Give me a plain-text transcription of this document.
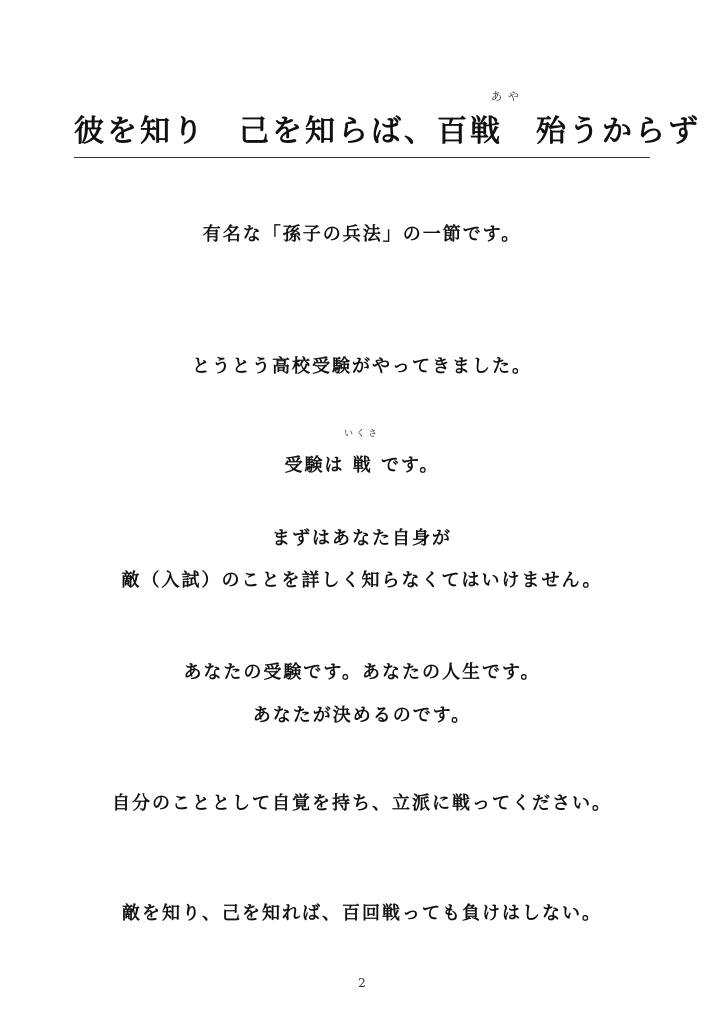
あや
彼を知り　己を知らば、百戦　殆うからず
有名な「孫子の兵法」の一節です。
とうとう高校受験がやってきました。
いくさ
受験は 戦 です。
まずはあなた自身が
敵（入試）のことを詳しく知らなくてはいけません。
あなたの受験です。あなたの人生です。
あなたが決めるのです。
自分のこととして自覚を持ち、立派に戦ってください。
敵を知り、己を知れば、百回戦っても負けはしない。
2
